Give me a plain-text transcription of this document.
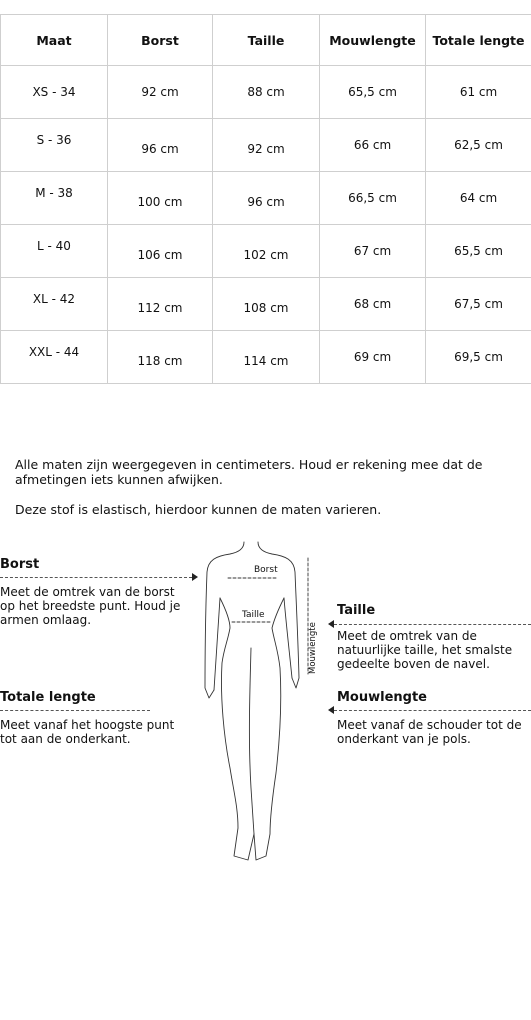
Maat	Borst	Taille	Mouwlengte	Totale lengte
XS - 34	92 cm	88 cm	65,5 cm	61 cm
S - 36	96 cm	92 cm	66 cm	62,5 cm
M - 38	100 cm	96 cm	66,5 cm	64 cm
L - 40	106 cm	102 cm	67 cm	65,5 cm
XL - 42	112 cm	108 cm	68 cm	67,5 cm
XXL - 44	118 cm	114 cm	69 cm	69,5 cm
Alle maten zijn weergegeven in centimeters. Houd er rekening mee dat de afmetingen iets kunnen afwijken.
Deze stof is elastisch, hierdoor kunnen de maten varieren.
Borst
Meet de omtrek van de borst op het breedste punt. Houd je armen omlaag.
Taille
Meet de omtrek van de natuurlijke taille, het smalste gedeelte boven de navel.
Totale lengte
Meet vanaf het hoogste punt tot aan de onderkant.
Mouwlengte
Meet vanaf de schouder tot de onderkant van je pols.
Borst
Taille
Mouwlengte
